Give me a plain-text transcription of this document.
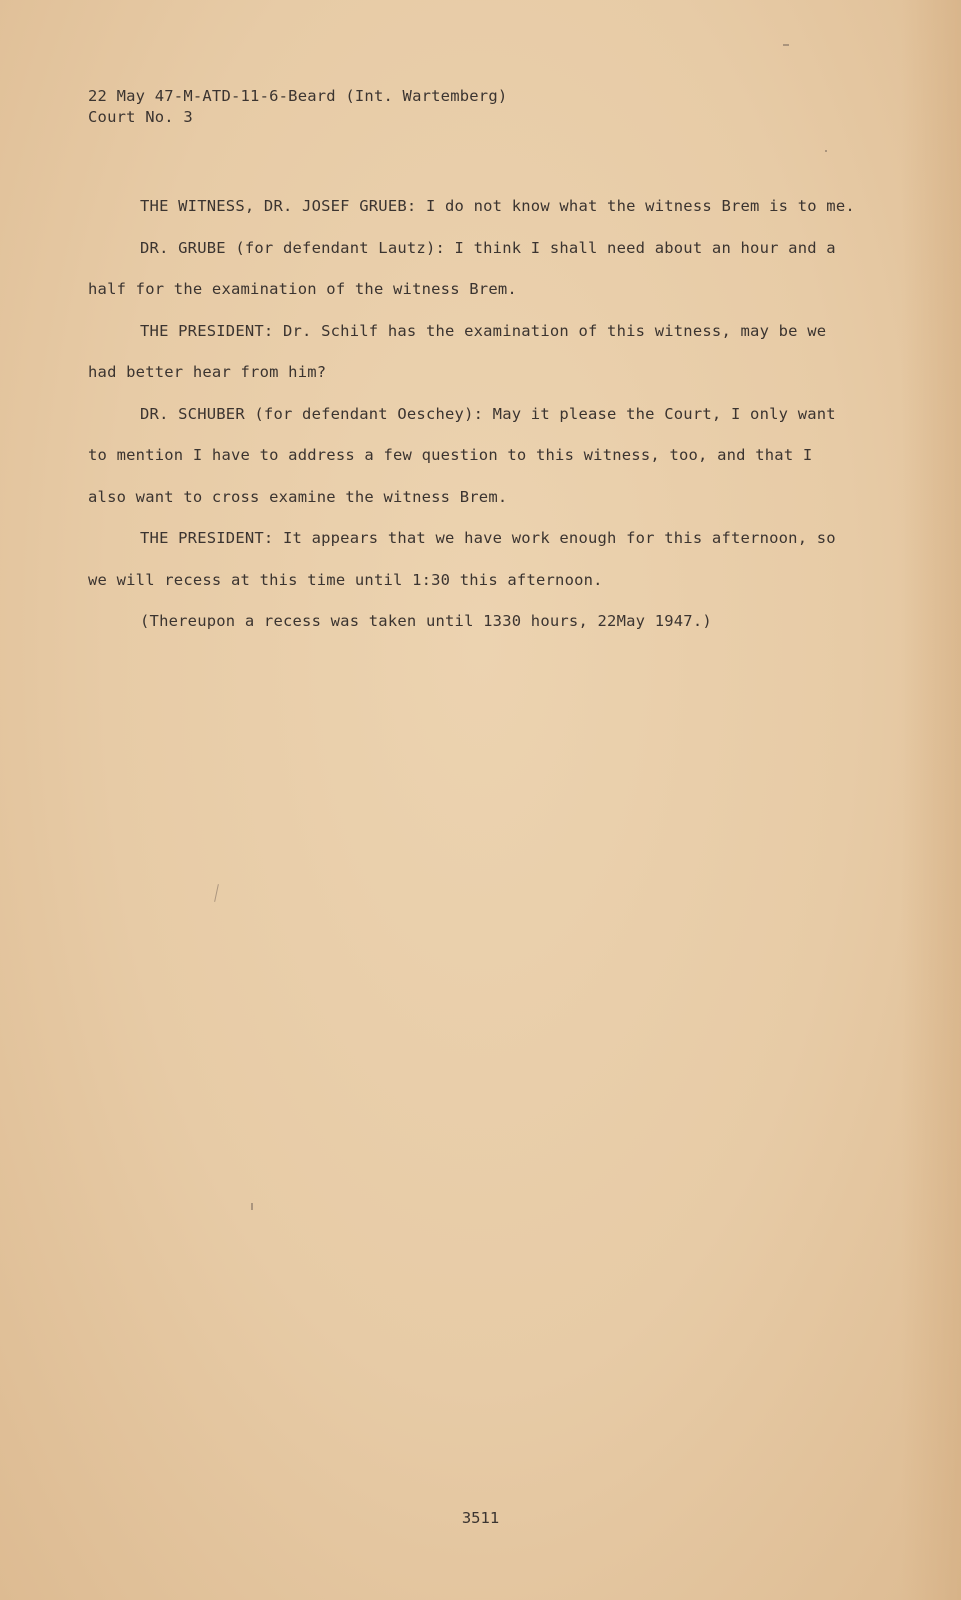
22 May 47-M-ATD-11-6-Beard (Int. Wartemberg)
Court No. 3

THE WITNESS, DR. JOSEF GRUEB: I do not know what the witness Brem is to me.

DR. GRUBE (for defendant Lautz): I think I shall need about an hour and a half for the examination of the witness Brem.

THE PRESIDENT: Dr. Schilf has the examination of this witness, may be we had better hear from him?

DR. SCHUBER (for defendant Oeschey): May it please the Court, I only want to mention I have to address a few question to this witness, too, and that I also want to cross examine the witness Brem.

THE PRESIDENT: It appears that we have work enough for this afternoon, so we will recess at this time until 1:30 this afternoon.

(Thereupon a recess was taken until 1330 hours, 22May 1947.)

3511
